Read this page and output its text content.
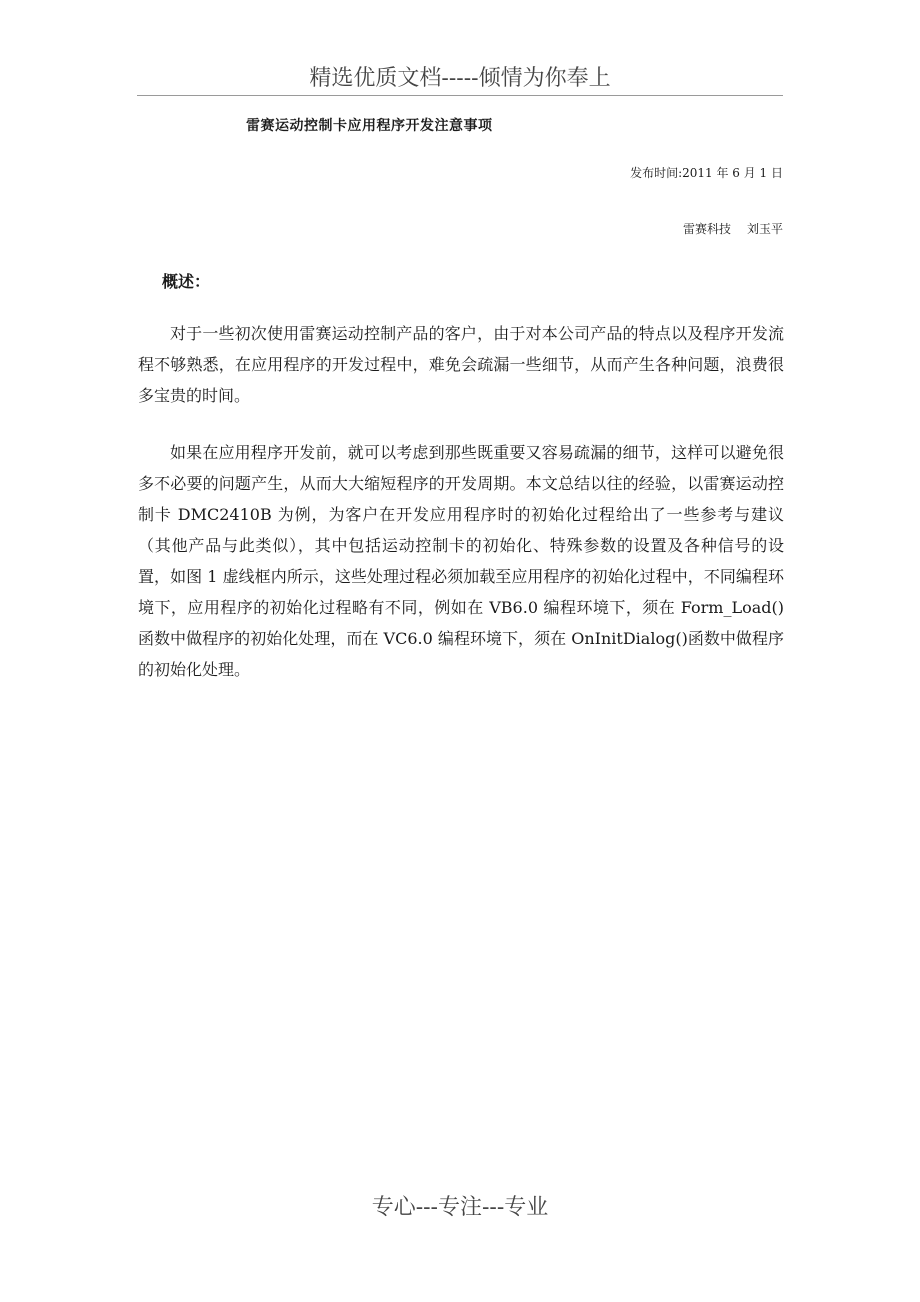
精选优质文档-----倾情为你奉上
雷赛运动控制卡应用程序开发注意事项
发布时间:2011 年 6 月 1 日
雷赛科技 刘玉平
概述：

对于一些初次使用雷赛运动控制产品的客户，由于对本公司产品的特点以及程序开发流程不够熟悉，在应用程序的开发过程中，难免会疏漏一些细节，从而产生各种问题，浪费很多宝贵的时间。

如果在应用程序开发前，就可以考虑到那些既重要又容易疏漏的细节，这样可以避免很多不必要的问题产生，从而大大缩短程序的开发周期。本文总结以往的经验，以雷赛运动控制卡 DMC2410B 为例，为客户在开发应用程序时的初始化过程给出了一些参考与建议（其他产品与此类似），其中包括运动控制卡的初始化、特殊参数的设置及各种信号的设置，如图 1 虚线框内所示，这些处理过程必须加载至应用程序的初始化过程中，不同编程环境下，应用程序的初始化过程略有不同，例如在 VB6.0 编程环境下，须在 Form_Load()函数中做程序的初始化处理，而在 VC6.0 编程环境下，须在 OnInitDialog()函数中做程序的初始化处理。

专心---专注---专业
